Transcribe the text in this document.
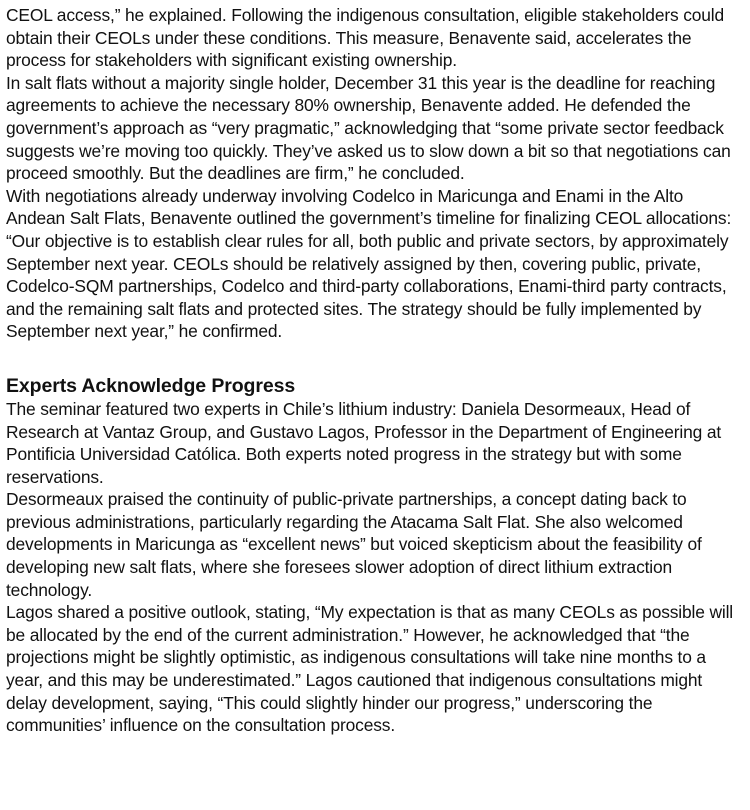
CEOL access,” he explained. Following the indigenous consultation, eligible stakeholders could obtain their CEOLs under these conditions. This measure, Benavente said, accelerates the process for stakeholders with significant existing ownership.

In salt flats without a majority single holder, December 31 this year is the deadline for reaching agreements to achieve the necessary 80% ownership, Benavente added. He defended the government’s approach as “very pragmatic,” acknowledging that “some private sector feedback suggests we’re moving too quickly. They’ve asked us to slow down a bit so that negotiations can proceed smoothly. But the deadlines are firm,” he concluded.

With negotiations already underway involving Codelco in Maricunga and Enami in the Alto Andean Salt Flats, Benavente outlined the government’s timeline for finalizing CEOL allocations: “Our objective is to establish clear rules for all, both public and private sectors, by approximately September next year. CEOLs should be relatively assigned by then, covering public, private, Codelco-SQM partnerships, Codelco and third-party collaborations, Enami-third party contracts, and the remaining salt flats and protected sites. The strategy should be fully implemented by September next year,” he confirmed.

Experts Acknowledge Progress

The seminar featured two experts in Chile’s lithium industry: Daniela Desormeaux, Head of Research at Vantaz Group, and Gustavo Lagos, Professor in the Department of Engineering at Pontificia Universidad Católica. Both experts noted progress in the strategy but with some reservations.

Desormeaux praised the continuity of public-private partnerships, a concept dating back to previous administrations, particularly regarding the Atacama Salt Flat. She also welcomed developments in Maricunga as “excellent news” but voiced skepticism about the feasibility of developing new salt flats, where she foresees slower adoption of direct lithium extraction technology.

Lagos shared a positive outlook, stating, “My expectation is that as many CEOLs as possible will be allocated by the end of the current administration.” However, he acknowledged that “the projections might be slightly optimistic, as indigenous consultations will take nine months to a year, and this may be underestimated.” Lagos cautioned that indigenous consultations might delay development, saying, “This could slightly hinder our progress,” underscoring the communities’ influence on the consultation process.
